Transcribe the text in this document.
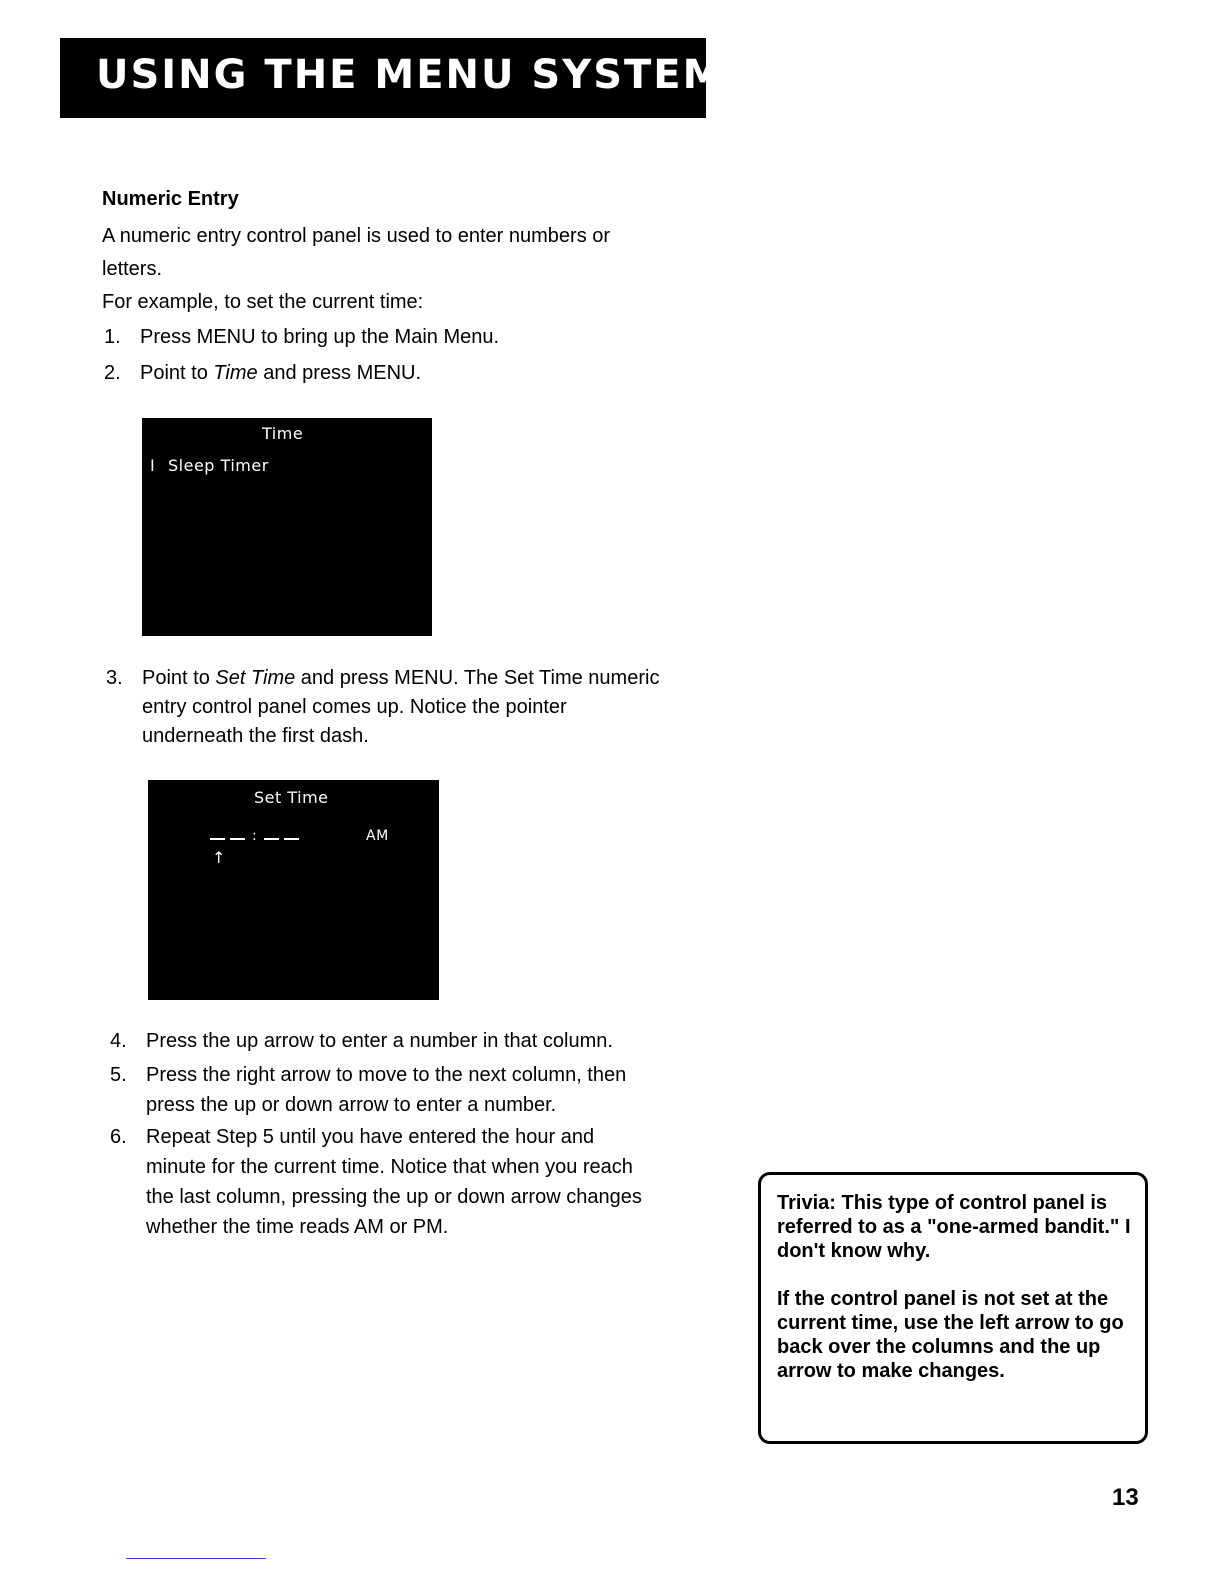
USING THE MENU SYSTEM
Numeric Entry
A numeric entry control panel is used to enter numbers or letters.
For example, to set the current time:
1. Press MENU to bring up the Main Menu.
2. Point to Time and press MENU.
Time
I Sleep Timer
3. Point to Set Time and press MENU. The Set Time numeric
entry control panel comes up. Notice the pointer
underneath the first dash.
Set Time
:	AM
↑
4. Press the up arrow to enter a number in that column.
5. Press the right arrow to move to the next column, then
press the up or down arrow to enter a number.
6. Repeat Step 5 until you have entered the hour and
minute for the current time. Notice that when you reach
the last column, pressing the up or down arrow changes
whether the time reads AM or PM.

Trivia: This type of control panel is referred to as a "one-armed bandit." I don't know why.

If the control panel is not set at the current time, use the left arrow to go back over the columns and the up arrow to make changes.

13
